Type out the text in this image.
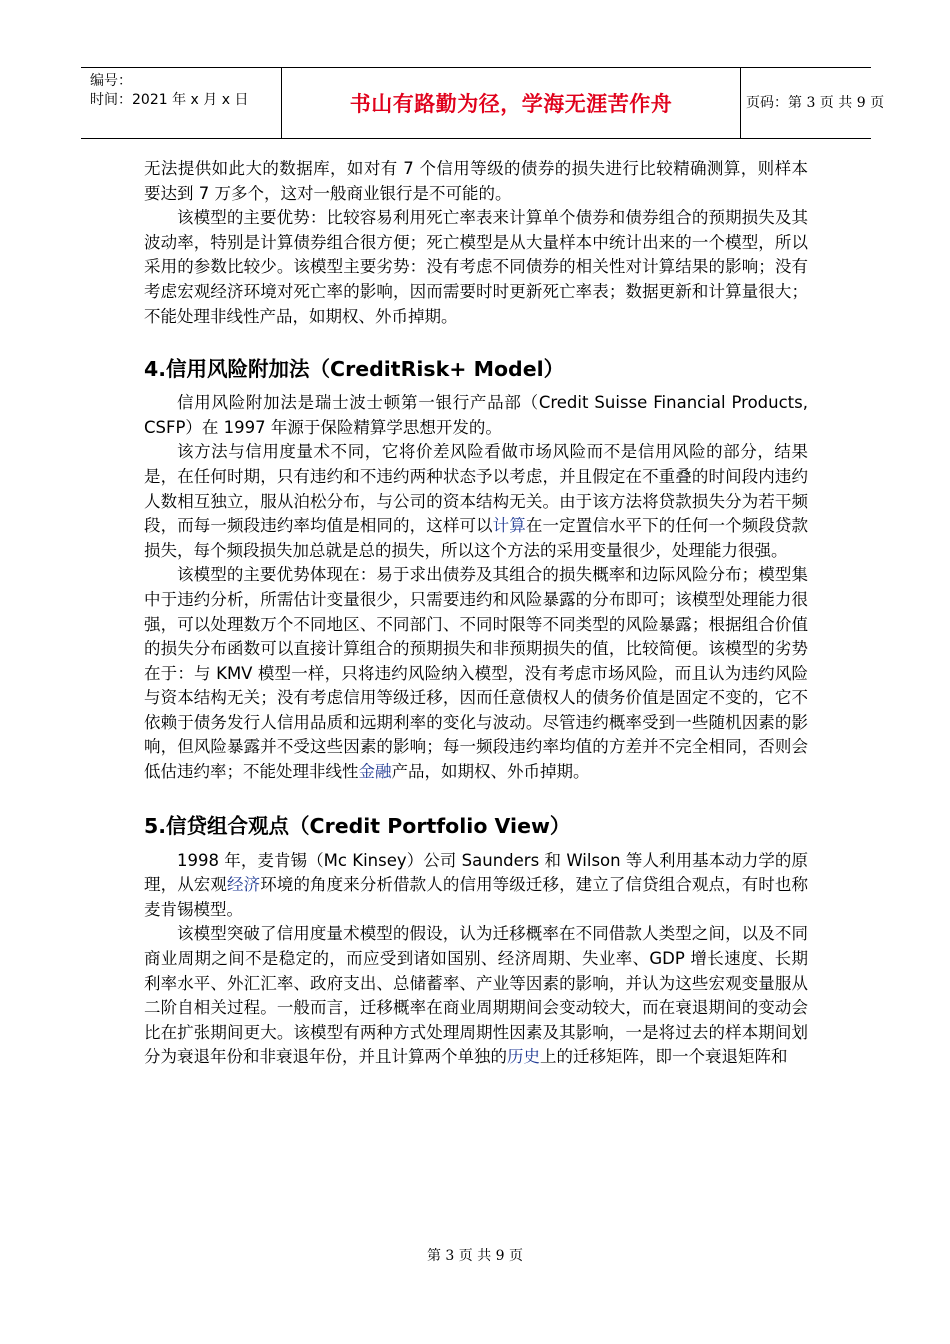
编号：
时间：2021 年 x 月 x 日	书山有路勤为径，学海无涯苦作舟	页码：第 3 页 共 9 页

无法提供如此大的数据库，如对有 7 个信用等级的债券的损失进行比较精确测算，则样本要达到 7 万多个，这对一般商业银行是不可能的。

该模型的主要优势：比较容易利用死亡率表来计算单个债券和债券组合的预期损失及其波动率，特别是计算债券组合很方便；死亡模型是从大量样本中统计出来的一个模型，所以采用的参数比较少。该模型主要劣势：没有考虑不同债券的相关性对计算结果的影响；没有考虑宏观经济环境对死亡率的影响，因而需要时时更新死亡率表；数据更新和计算量很大；不能处理非线性产品，如期权、外币掉期。

4.信用风险附加法（CreditRisk+ Model）

信用风险附加法是瑞士波士顿第一银行产品部（Credit Suisse Financial Products, CSFP）在 1997 年源于保险精算学思想开发的。

该方法与信用度量术不同，它将价差风险看做市场风险而不是信用风险的部分，结果是，在任何时期，只有违约和不违约两种状态予以考虑，并且假定在不重叠的时间段内违约人数相互独立，服从泊松分布，与公司的资本结构无关。由于该方法将贷款损失分为若干频段，而每一频段违约率均值是相同的，这样可以计算在一定置信水平下的任何一个频段贷款损失，每个频段损失加总就是总的损失，所以这个方法的采用变量很少，处理能力很强。

该模型的主要优势体现在：易于求出债券及其组合的损失概率和边际风险分布；模型集中于违约分析，所需估计变量很少，只需要违约和风险暴露的分布即可；该模型处理能力很强，可以处理数万个不同地区、不同部门、不同时限等不同类型的风险暴露；根据组合价值的损失分布函数可以直接计算组合的预期损失和非预期损失的值，比较简便。该模型的劣势在于：与 KMV 模型一样，只将违约风险纳入模型，没有考虑市场风险，而且认为违约风险与资本结构无关；没有考虑信用等级迁移，因而任意债权人的债务价值是固定不变的，它不依赖于债务发行人信用品质和远期利率的变化与波动。尽管违约概率受到一些随机因素的影响，但风险暴露并不受这些因素的影响；每一频段违约率均值的方差并不完全相同，否则会低估违约率；不能处理非线性金融产品，如期权、外币掉期。

5.信贷组合观点（Credit Portfolio View）

1998 年，麦肯锡（Mc Kinsey）公司 Saunders 和 Wilson 等人利用基本动力学的原理，从宏观经济环境的角度来分析借款人的信用等级迁移，建立了信贷组合观点，有时也称麦肯锡模型。

该模型突破了信用度量术模型的假设，认为迁移概率在不同借款人类型之间，以及不同商业周期之间不是稳定的，而应受到诸如国别、经济周期、失业率、GDP 增长速度、长期利率水平、外汇汇率、政府支出、总储蓄率、产业等因素的影响，并认为这些宏观变量服从二阶自相关过程。一般而言，迁移概率在商业周期期间会变动较大，而在衰退期间的变动会比在扩张期间更大。该模型有两种方式处理周期性因素及其影响，一是将过去的样本期间划分为衰退年份和非衰退年份，并且计算两个单独的历史上的迁移矩阵，即一个衰退矩阵和

第 3 页 共 9 页
